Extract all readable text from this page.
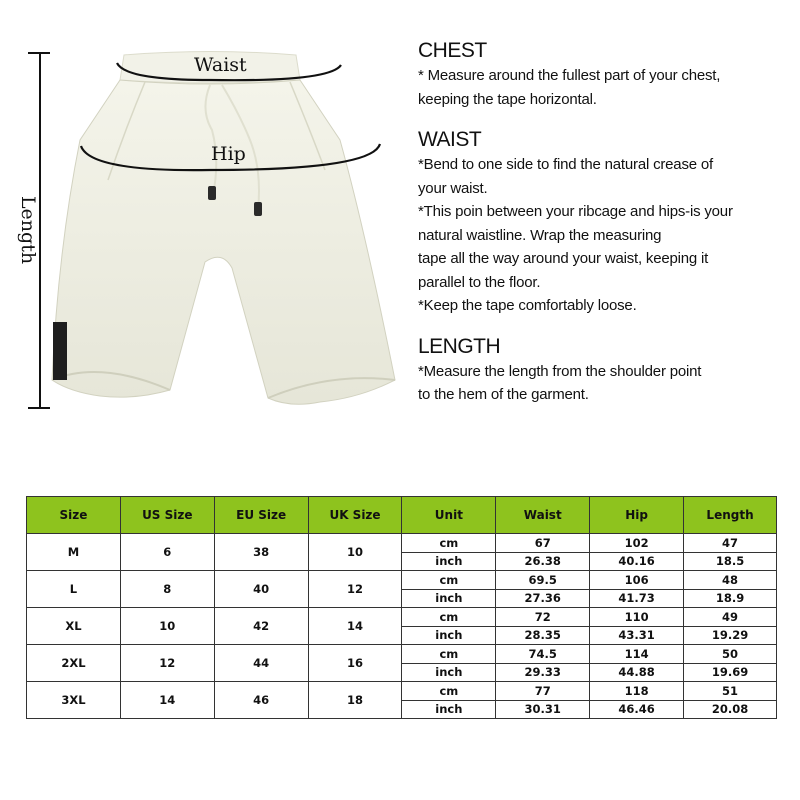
Waist
Hip
Length
CHEST
* Measure around the fullest part of your chest,
keeping the tape horizontal.
WAIST
*Bend to one side to find the natural crease of
your waist.
*This poin between your ribcage and hips-is your
natural waistline. Wrap the measuring
tape all the way around your waist, keeping it
parallel to the floor.
*Keep the tape comfortably loose.
LENGTH
*Measure the length from the shoulder point
to the hem of the garment.
Size	US Size	EU Size	UK Size	Unit	Waist	Hip	Length
M	6	38	10	cm	67	102	47
				inch	26.38	40.16	18.5
L	8	40	12	cm	69.5	106	48
				inch	27.36	41.73	18.9
XL	10	42	14	cm	72	110	49
				inch	28.35	43.31	19.29
2XL	12	44	16	cm	74.5	114	50
				inch	29.33	44.88	19.69
3XL	14	46	18	cm	77	118	51
				inch	30.31	46.46	20.08
